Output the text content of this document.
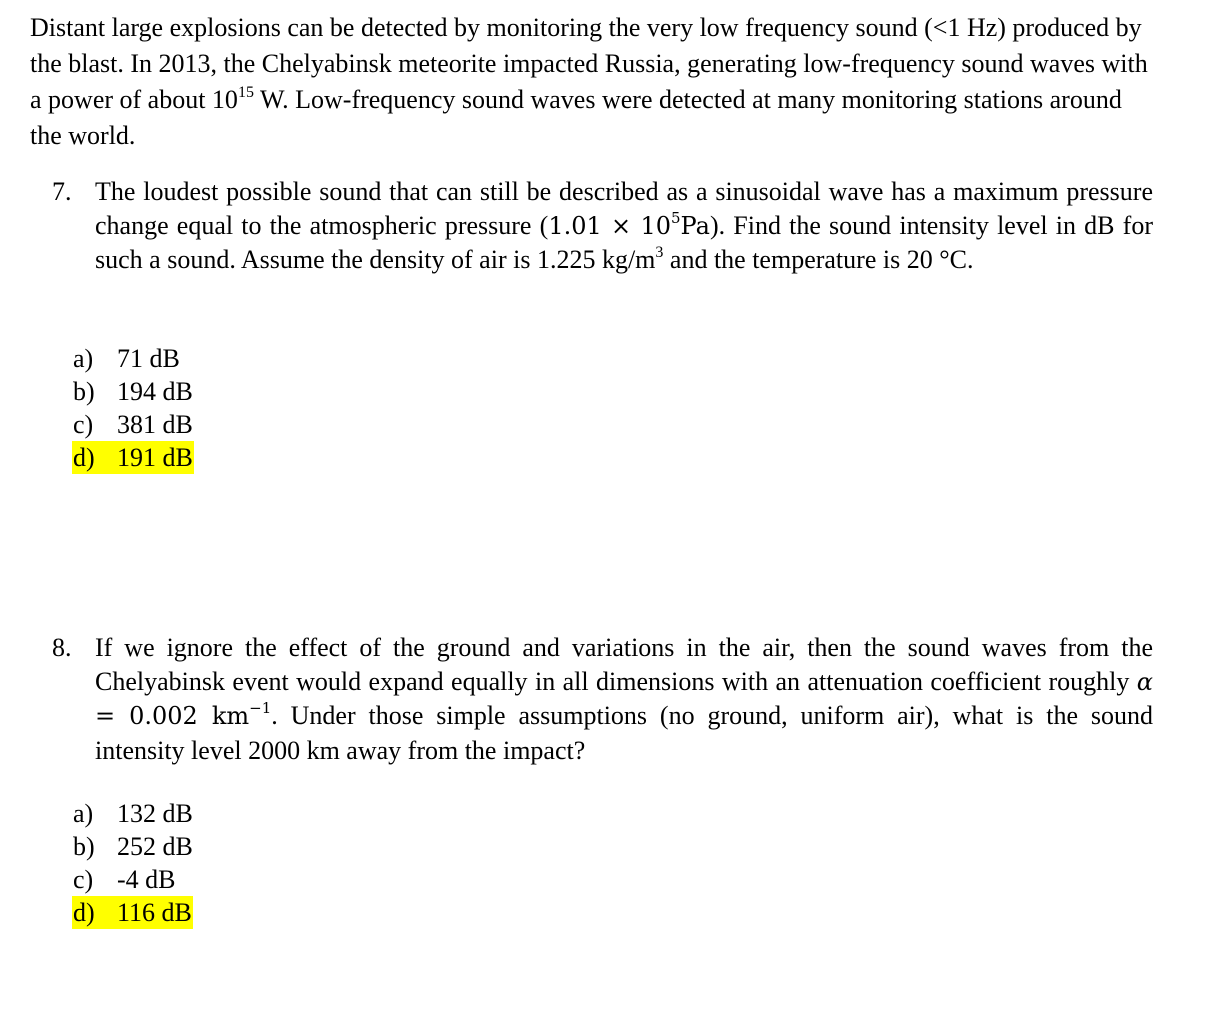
Distant large explosions can be detected by monitoring the very low frequency sound (<1 Hz) produced by the blast. In 2013, the Chelyabinsk meteorite impacted Russia, generating low-frequency sound waves with a power of about $10^{15}$ W. Low-frequency sound waves were detected at many monitoring stations around the world.

7. The loudest possible sound that can still be described as a sinusoidal wave has a maximum pressure change equal to the atmospheric pressure $(1.01 \times 10^5Pa)$. Find the sound intensity level in dB for such a sound. Assume the density of air is 1.225 $kg/m^3$ and the temperature is 20 °C.

a) 71 dB
b) 194 dB
c) 381 dB
d) 191 dB
8. If we ignore the effect of the ground and variations in the air, then the sound waves from the Chelyabinsk event would expand equally in all dimensions with an attenuation coefficient roughly α = 0.002 $km^{-1}$. Under those simple assumptions (no ground, uniform air), what is the sound intensity level 2000 km away from the impact?

a) 132 dB
b) 252 dB
c) -4 dB
d) 116 dB
